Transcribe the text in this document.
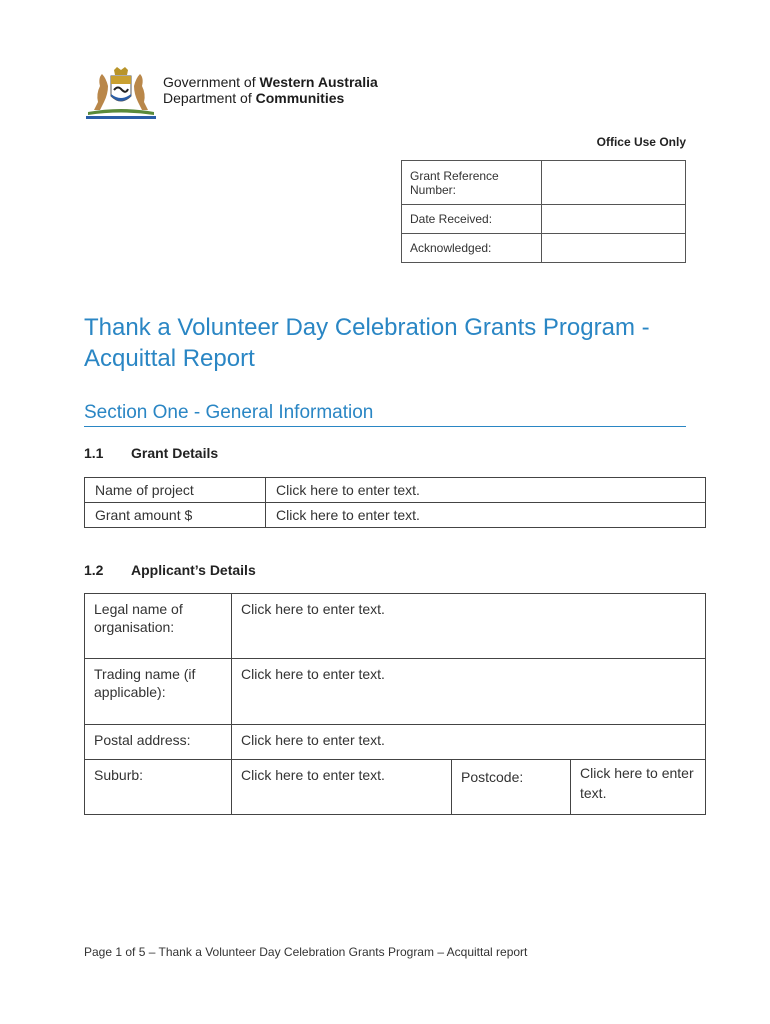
Government of Western Australia
Department of Communities
Office Use Only
Grant Reference Number:	
Date Received:	
Acknowledged:	
Thank a Volunteer Day Celebration Grants Program - Acquittal Report
Section One - General Information
1.1 Grant Details
Name of project	Click here to enter text.
Grant amount $	Click here to enter text.
1.2 Applicant’s Details
Legal name of organisation:	Click here to enter text.		
Trading name (if applicable):	Click here to enter text.		
Postal address:	Click here to enter text.		
Suburb:	Click here to enter text.	Postcode:	Click here to enter text.
Page 1 of 5 – Thank a Volunteer Day Celebration Grants Program – Acquittal report
